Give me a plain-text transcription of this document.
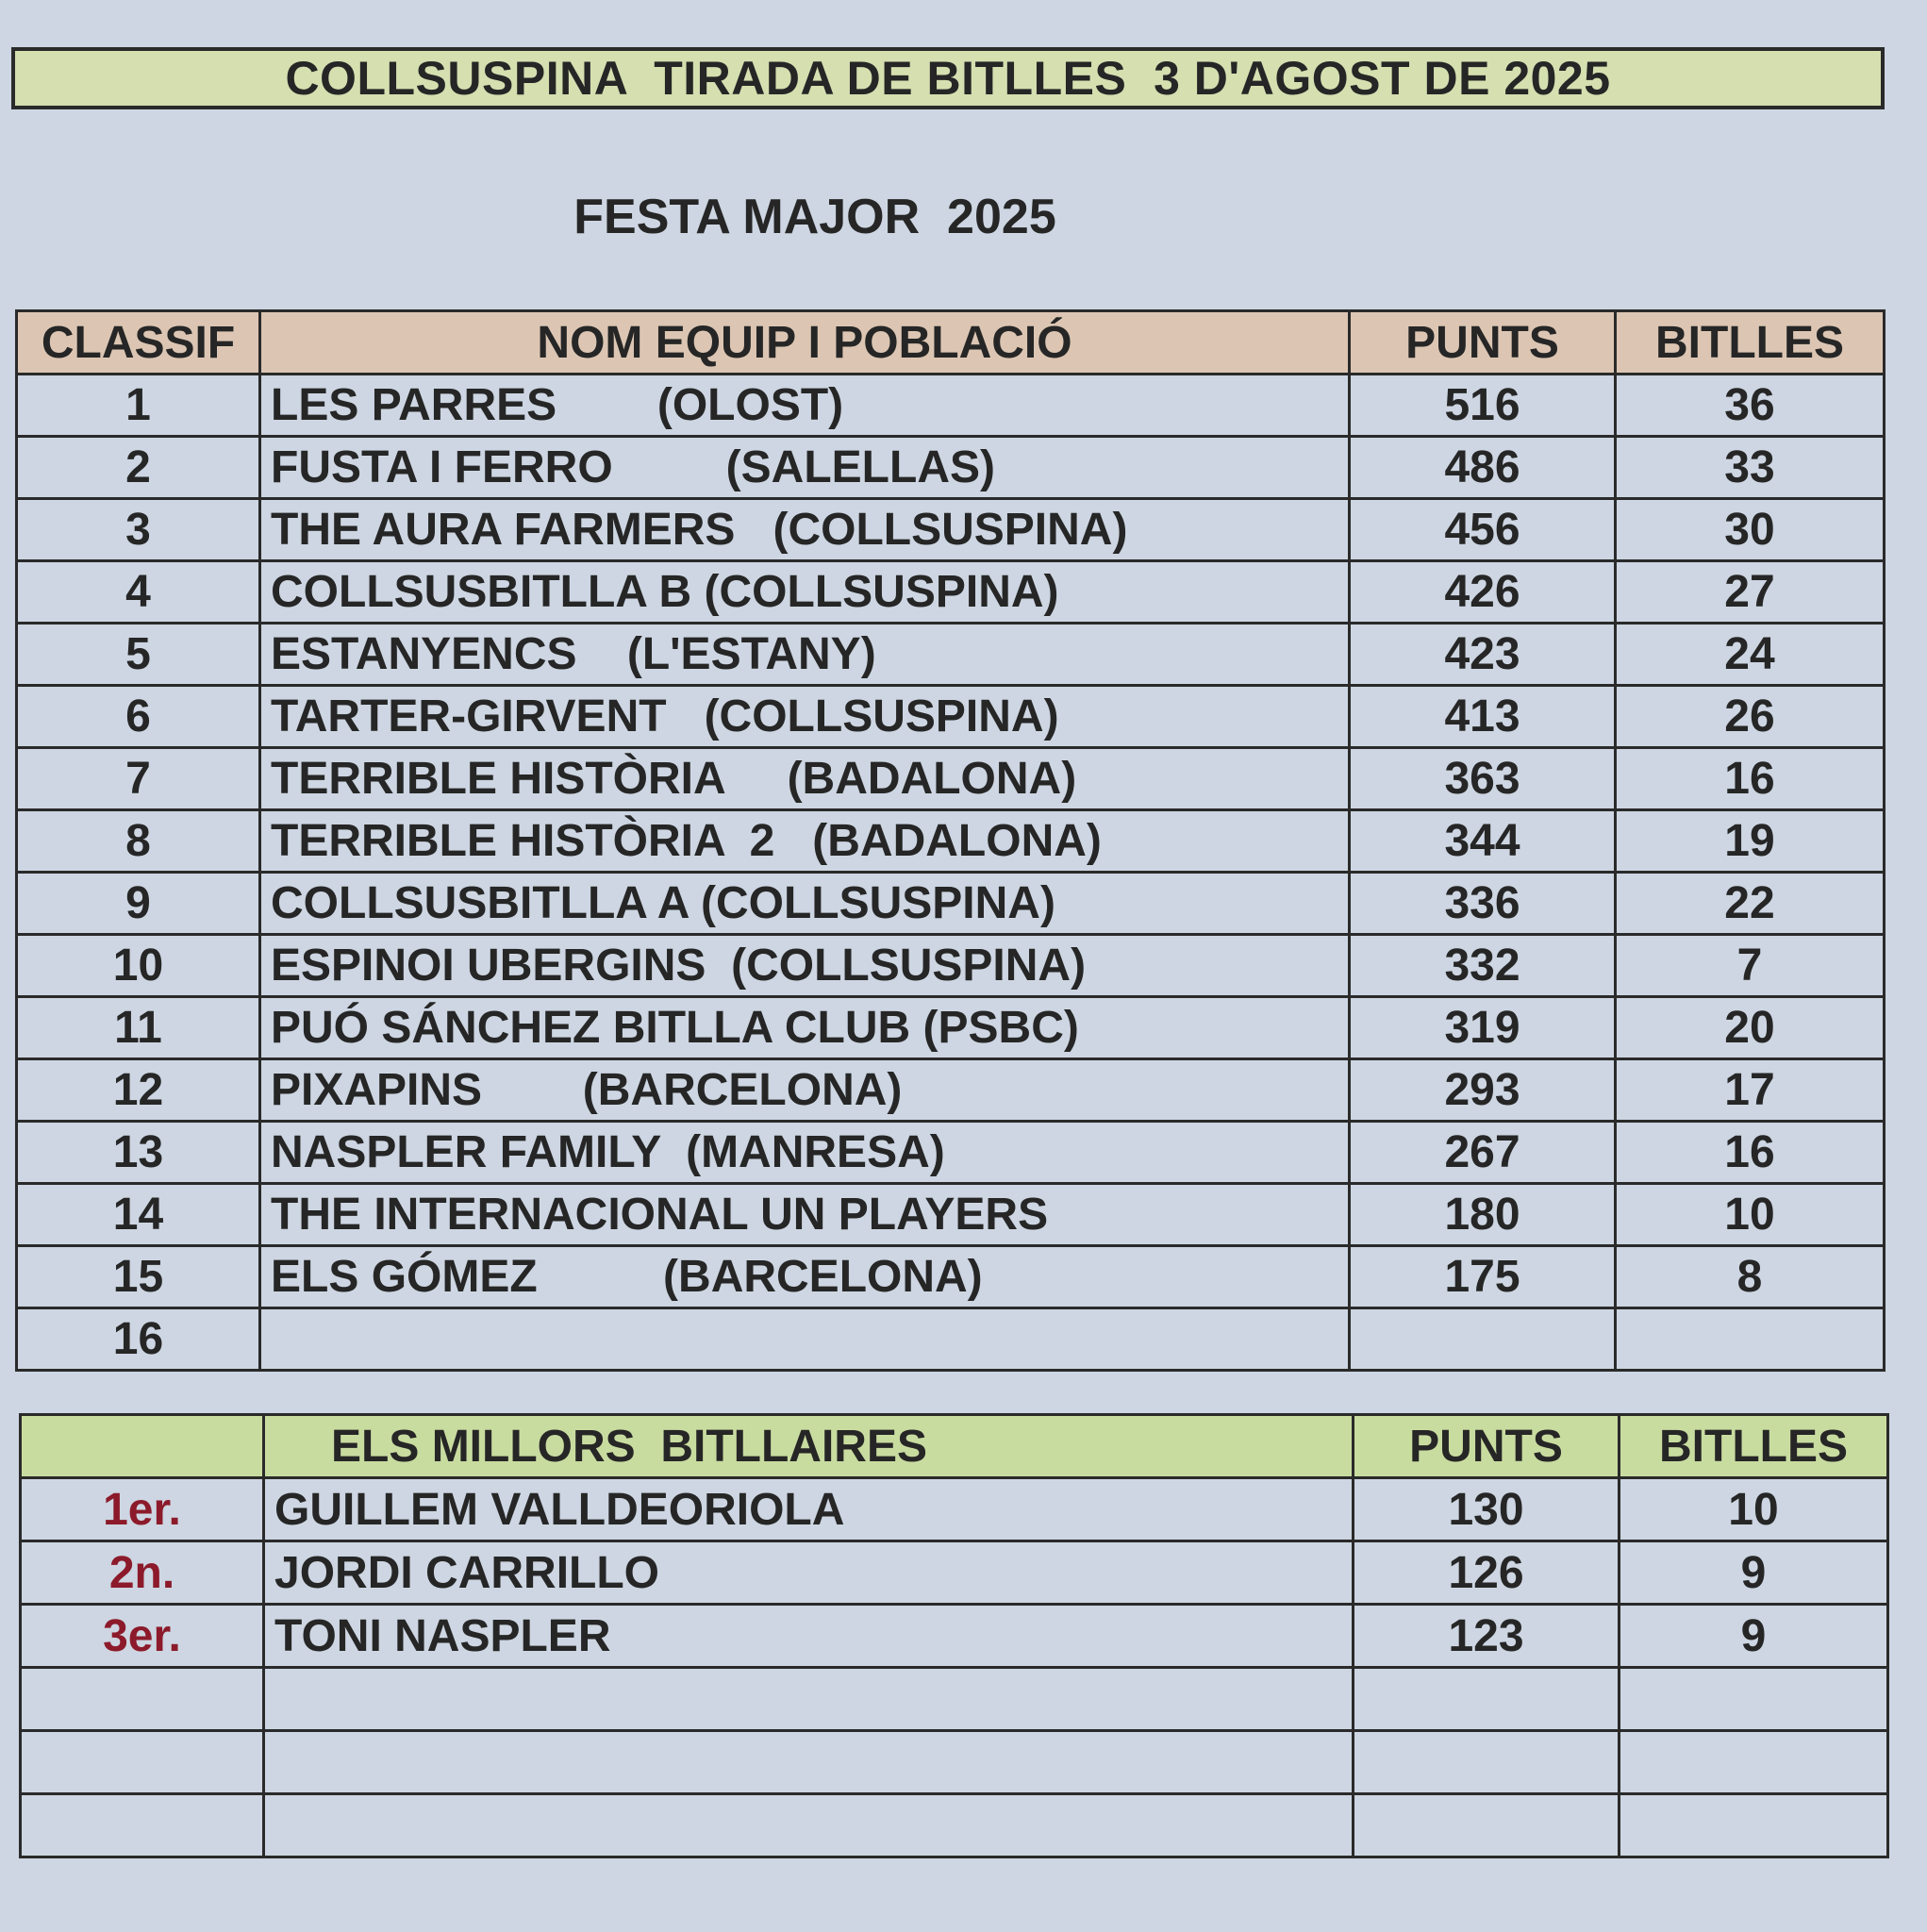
COLLSUSPINA  TIRADA DE BITLLES  3 D'AGOST DE 2025
FESTA MAJOR  2025
CLASSIF	NOM EQUIP I POBLACIÓ	PUNTS	BITLLES
1	LES PARRES        (OLOST)	516	36
2	FUSTA I FERRO         (SALELLAS)	486	33
3	THE AURA FARMERS   (COLLSUSPINA)	456	30
4	COLLSUSBITLLA B (COLLSUSPINA)	426	27
5	ESTANYENCS    (L'ESTANY)	423	24
6	TARTER-GIRVENT   (COLLSUSPINA)	413	26
7	TERRIBLE HISTÒRIA     (BADALONA)	363	16
8	TERRIBLE HISTÒRIA  2   (BADALONA)	344	19
9	COLLSUSBITLLA A (COLLSUSPINA)	336	22
10	ESPINOI UBERGINS  (COLLSUSPINA)	332	7
11	PUÓ SÁNCHEZ BITLLA CLUB (PSBC)	319	20
12	PIXAPINS        (BARCELONA)	293	17
13	NASPLER FAMILY  (MANRESA)	267	16
14	THE INTERNACIONAL UN PLAYERS	180	10
15	ELS GÓMEZ          (BARCELONA)	175	8
16			
	ELS MILLORS  BITLLAIRES	PUNTS	BITLLES
1er.	GUILLEM VALLDEORIOLA	130	10
2n.	JORDI CARRILLO	126	9
3er.	TONI NASPLER	123	9
